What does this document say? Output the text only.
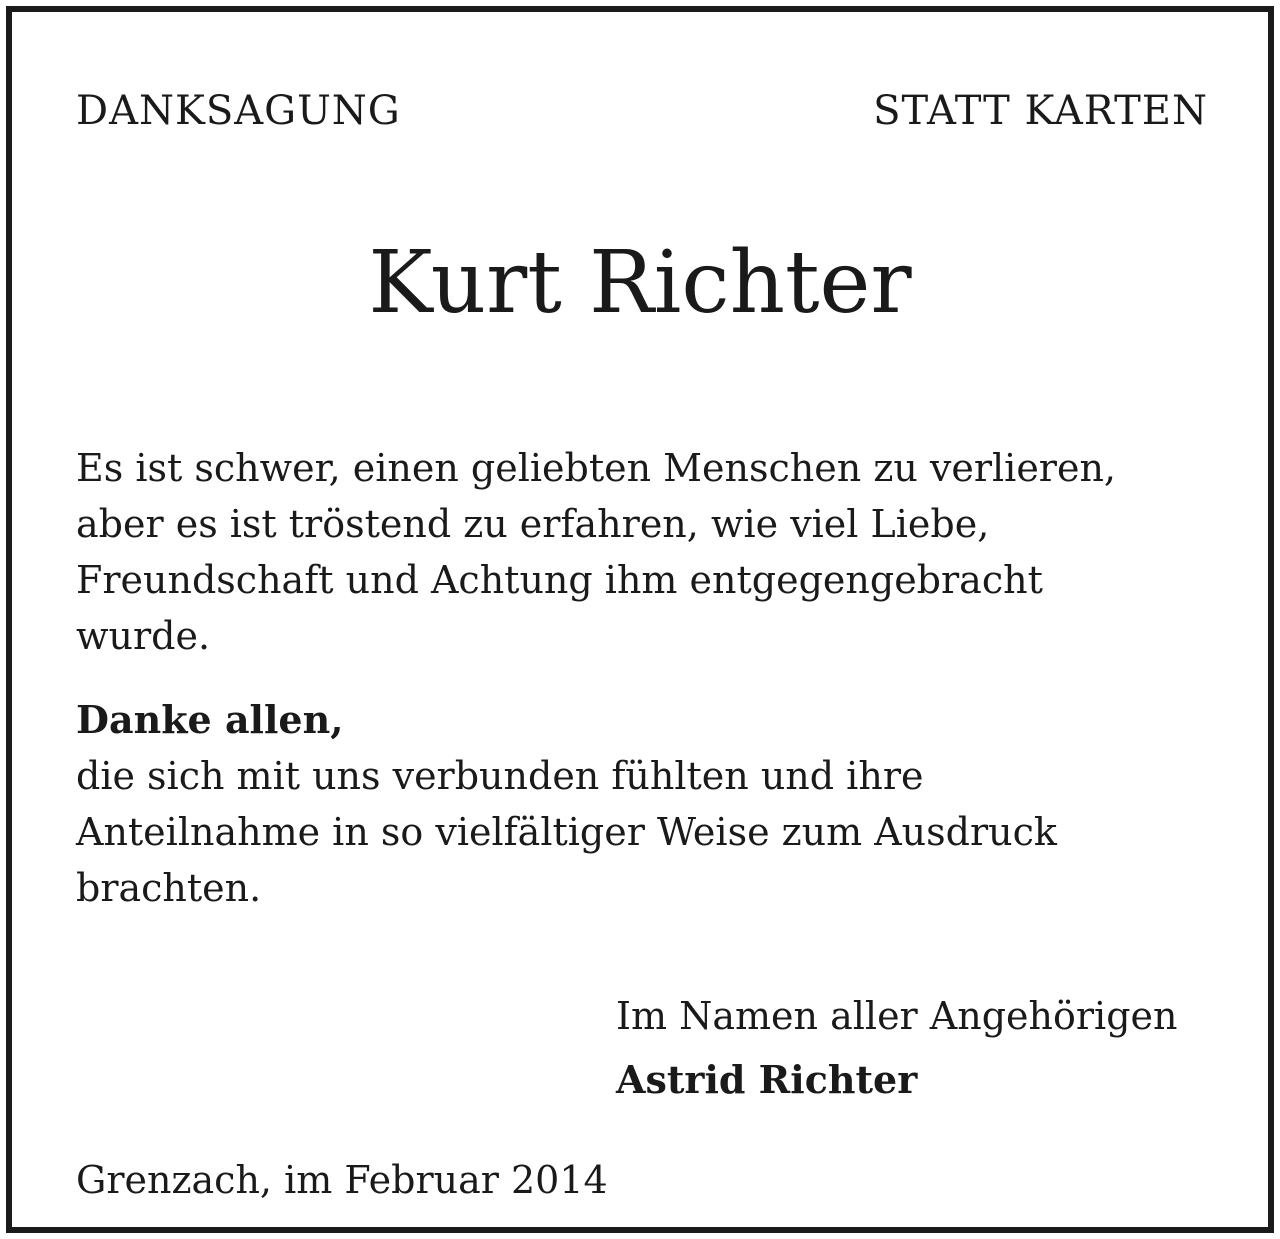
DANKSAGUNG	STATT KARTEN
Kurt Richter
Es ist schwer, einen geliebten Menschen zu verlieren,
aber es ist tröstend zu erfahren, wie viel Liebe,
Freundschaft und Achtung ihm entgegengebracht
wurde.
Danke allen,
die sich mit uns verbunden fühlten und ihre
Anteilnahme in so vielfältiger Weise zum Ausdruck
brachten.
Im Namen aller Angehörigen
Astrid Richter
Grenzach, im Februar 2014
